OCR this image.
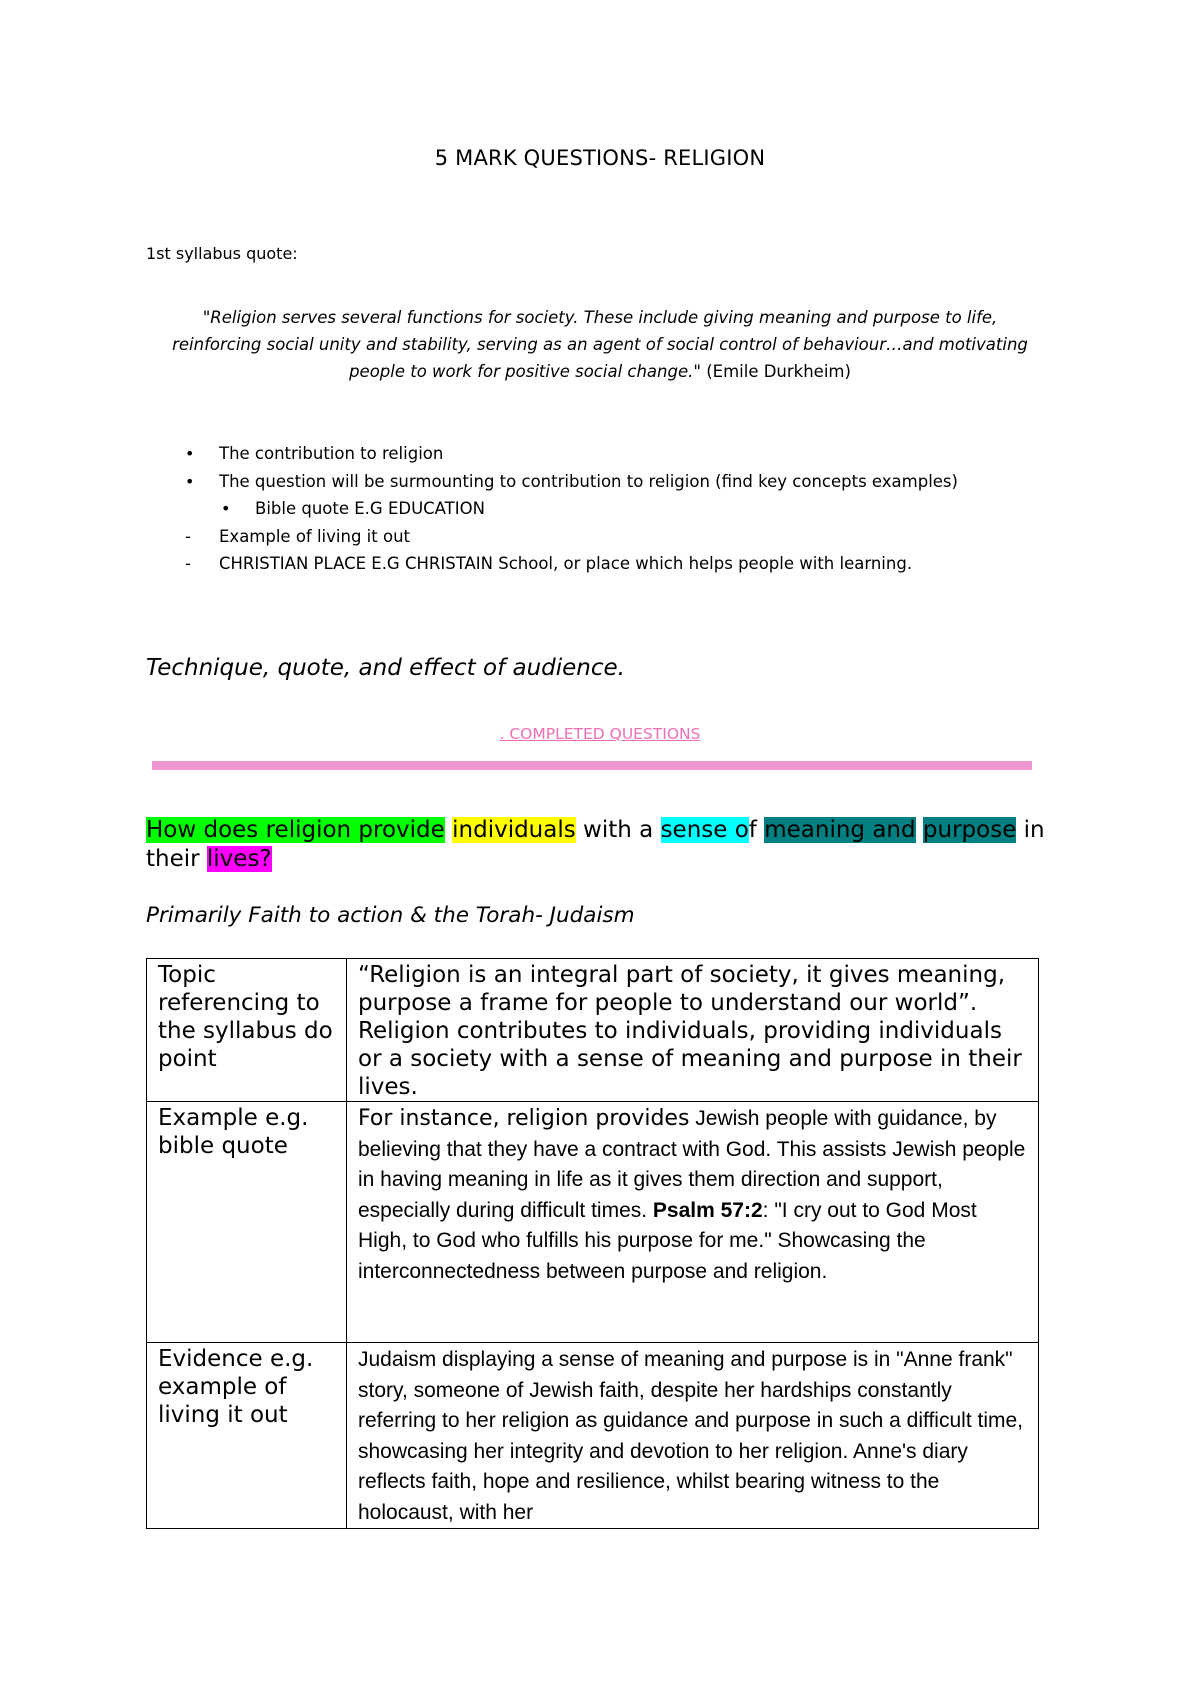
5 MARK QUESTIONS- RELIGION
1st syllabus quote:
"Religion serves several functions for society. These include giving meaning and purpose to life, reinforcing social unity and stability, serving as an agent of social control of behaviour…and motivating people to work for positive social change." (Emile Durkheim)
• The contribution to religion
• The question will be surmounting to contribution to religion (find key concepts examples)
• Bible quote E.G EDUCATION
- Example of living it out
- CHRISTIAN PLACE E.G CHRISTAIN School, or place which helps people with learning.
Technique, quote, and effect of audience.
. COMPLETED QUESTIONS
How does religion provide individuals with a sense of meaning and purpose in their lives?
Primarily Faith to action & the Torah- Judaism
Topic referencing to the syllabus do point	“Religion is an integral part of society, it gives meaning, purpose a frame for people to understand our world”. Religion contributes to individuals, providing individuals or a society with a sense of meaning and purpose in their lives.
Example e.g. bible quote	For instance, religion provides Jewish people with guidance, by believing that they have a contract with God. This assists Jewish people in having meaning in life as it gives them direction and support, especially during difficult times. Psalm 57:2: "I cry out to God Most High, to God who fulfills his purpose for me." Showcasing the interconnectedness between purpose and religion.
Evidence e.g. example of living it out	Judaism displaying a sense of meaning and purpose is in "Anne frank" story, someone of Jewish faith, despite her hardships constantly referring to her religion as guidance and purpose in such a difficult time, showcasing her integrity and devotion to her religion. Anne's diary reflects faith, hope and resilience, whilst bearing witness to the holocaust, with her
